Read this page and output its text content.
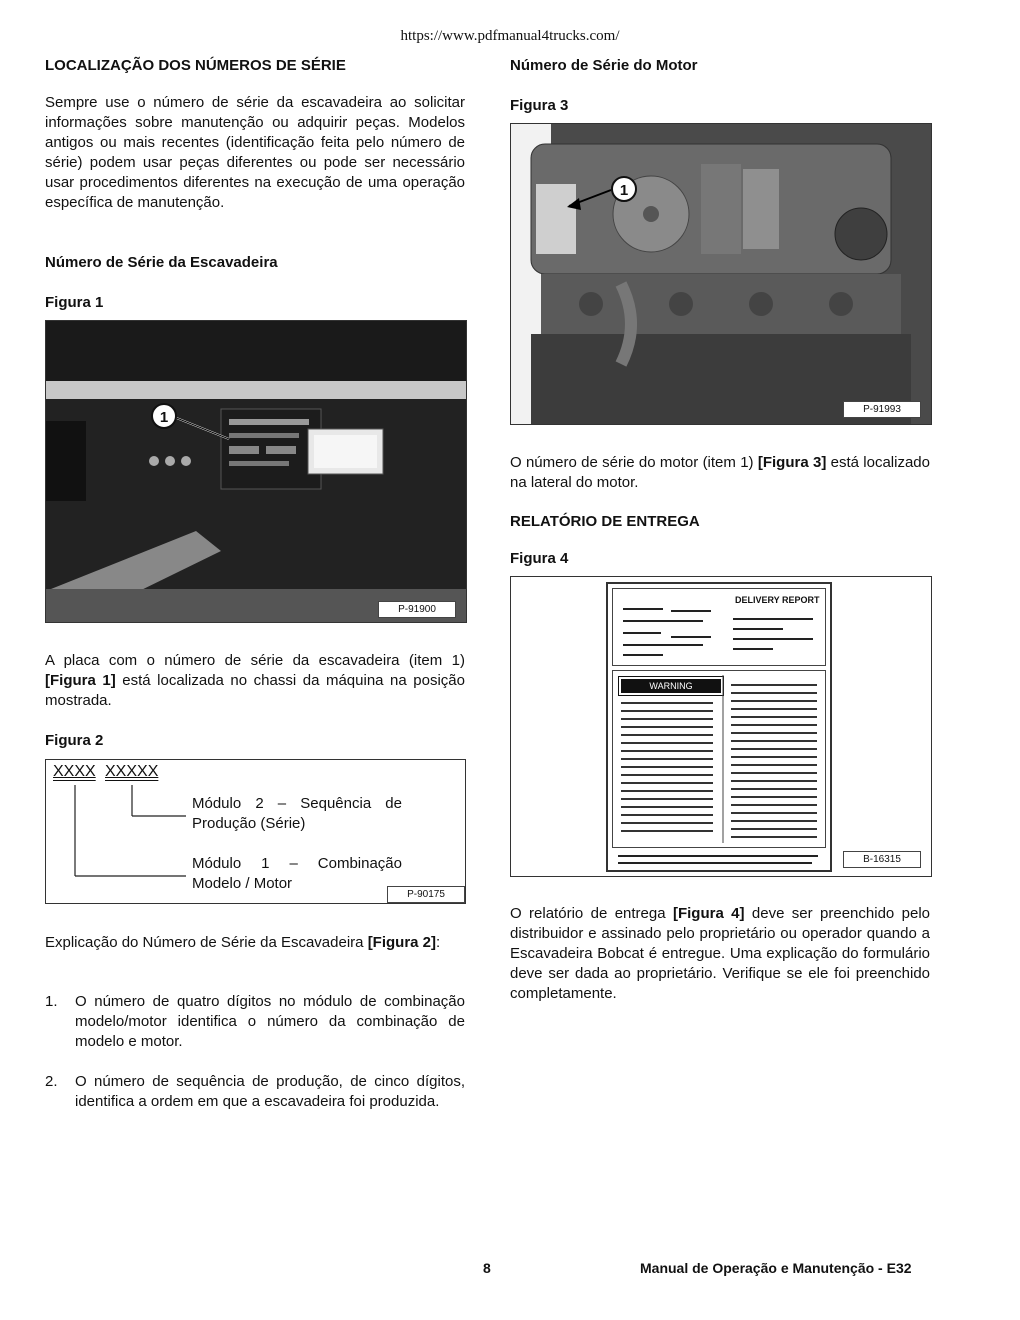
https://www.pdfmanual4trucks.com/
LOCALIZAÇÃO DOS NÚMEROS DE SÉRIE
Sempre use o número de série da escavadeira ao solicitar informações sobre manutenção ou adquirir peças. Modelos antigos ou mais recentes (identificação feita pelo número de série) podem usar peças diferentes ou pode ser necessário usar procedimentos diferentes na execução de uma operação específica de manutenção.
Número de Série da Escavadeira
Figura 1
1
P-91900
A placa com o número de série da escavadeira (item 1) [Figura 1] está localizada no chassi da máquina na posição mostrada.
Figura 2
XXXX XXXXX
Módulo 2 – Sequência de Produção (Série)
Módulo 1 – Combinação Modelo / Motor
P-90175
Explicação do Número de Série da Escavadeira [Figura 2]:
1. O número de quatro dígitos no módulo de combinação modelo/motor identifica o número da combinação de modelo e motor.
2. O número de sequência de produção, de cinco dígitos, identifica a ordem em que a escavadeira foi produzida.
Número de Série do Motor
Figura 3
1
P-91993
O número de série do motor (item 1) [Figura 3] está localizado na lateral do motor.
RELATÓRIO DE ENTREGA
Figura 4
DELIVERY REPORT
WARNING
B-16315
O relatório de entrega [Figura 4] deve ser preenchido pelo distribuidor e assinado pelo proprietário ou operador quando a Escavadeira Bobcat é entregue. Uma explicação do formulário deve ser dada ao proprietário. Verifique se ele foi preenchido completamente.
8	Manual de Operação e Manutenção - E32
